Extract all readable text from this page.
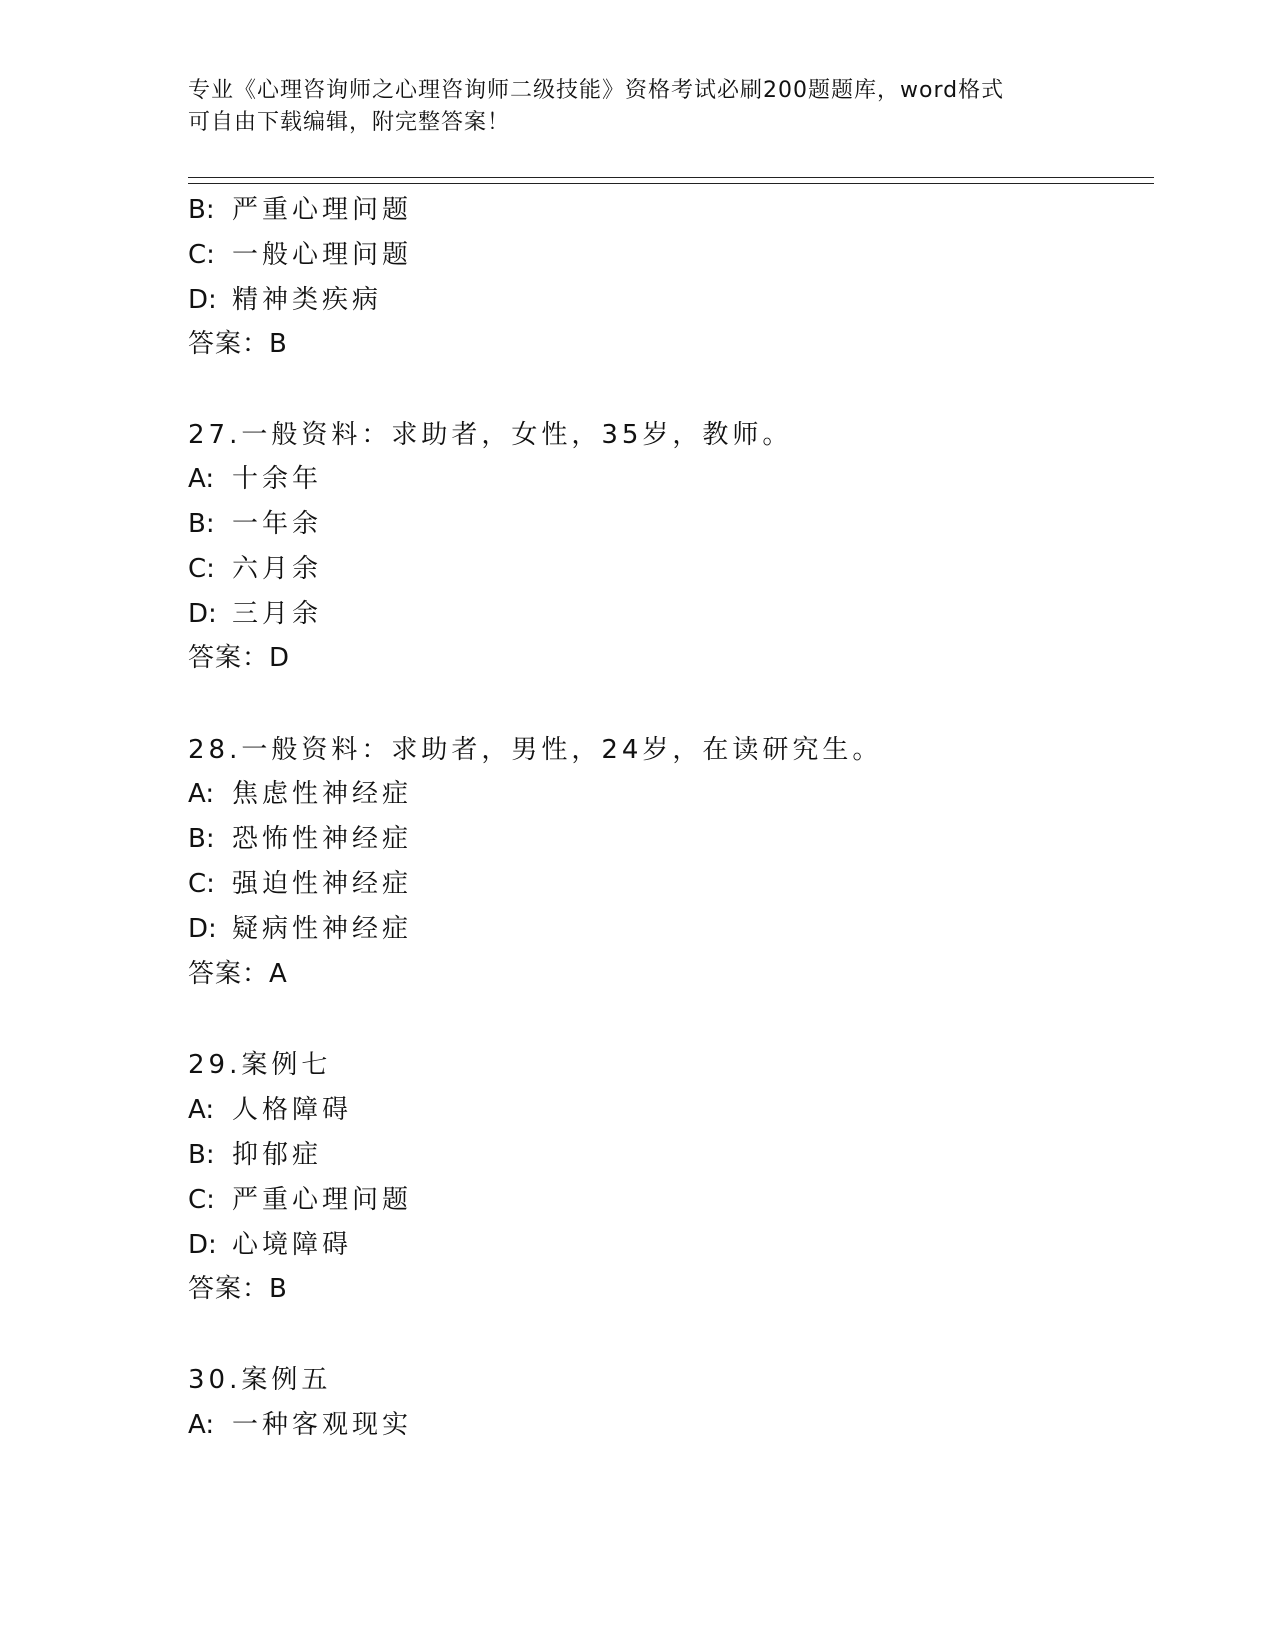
专业《心理咨询师之心理咨询师二级技能》资格考试必刷200题题库，word格式
可自由下载编辑，附完整答案！
B: 严重心理问题
C: 一般心理问题
D: 精神类疾病
答案：B
27.一般资料：求助者，女性，35岁，教师。
A: 十余年
B: 一年余
C: 六月余
D: 三月余
答案：D
28.一般资料：求助者，男性，24岁，在读研究生。
A: 焦虑性神经症
B: 恐怖性神经症
C: 强迫性神经症
D: 疑病性神经症
答案：A
29.案例七
A: 人格障碍
B: 抑郁症
C: 严重心理问题
D: 心境障碍
答案：B
30.案例五
A: 一种客观现实
